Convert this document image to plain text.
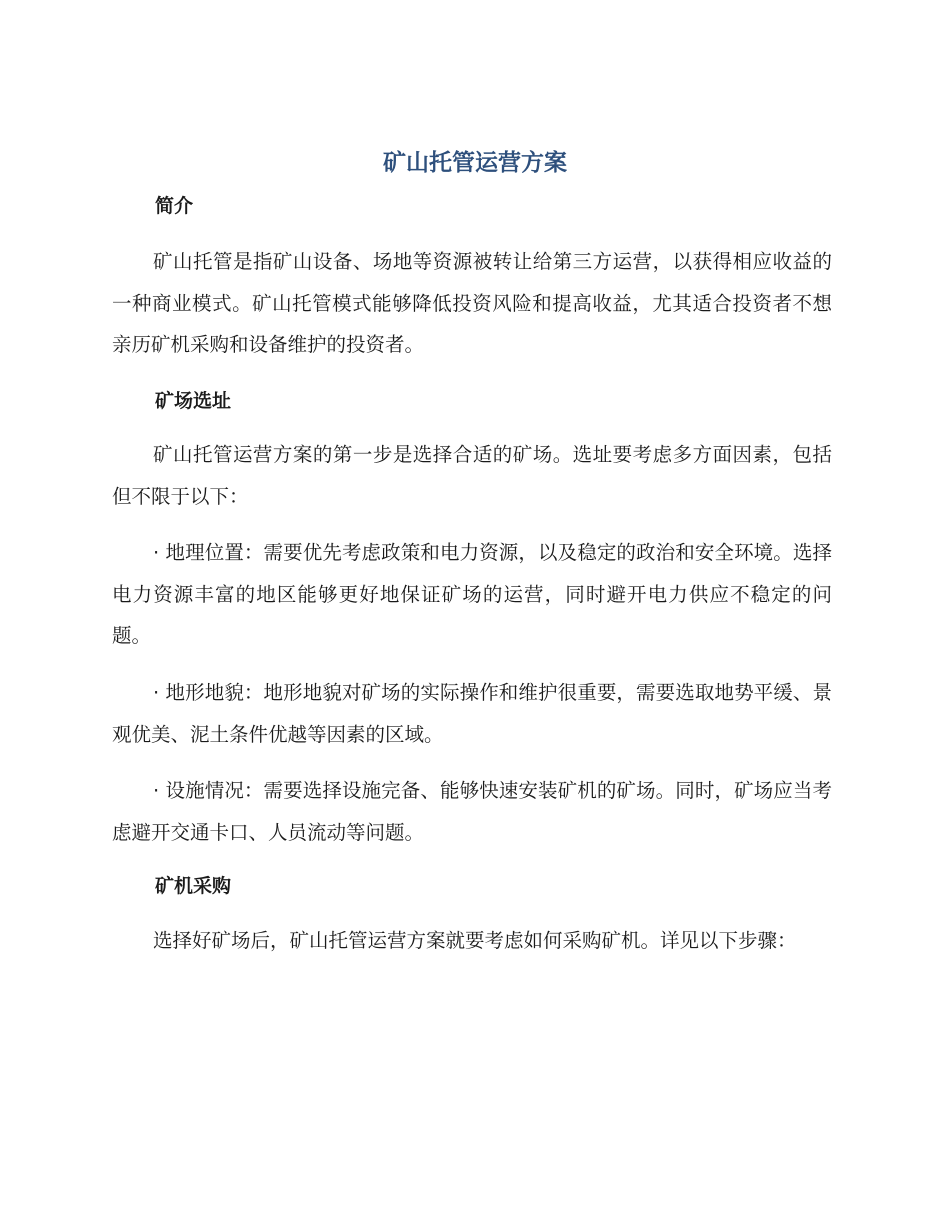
矿山托管运营方案
简介

矿山托管是指矿山设备、场地等资源被转让给第三方运营，以获得相应收益的一种商业模式。矿山托管模式能够降低投资风险和提高收益，尤其适合投资者不想亲历矿机采购和设备维护的投资者。

矿场选址

矿山托管运营方案的第一步是选择合适的矿场。选址要考虑多方面因素，包括但不限于以下：

· 地理位置：需要优先考虑政策和电力资源，以及稳定的政治和安全环境。选择电力资源丰富的地区能够更好地保证矿场的运营，同时避开电力供应不稳定的问题。

· 地形地貌：地形地貌对矿场的实际操作和维护很重要，需要选取地势平缓、景观优美、泥土条件优越等因素的区域。

· 设施情况：需要选择设施完备、能够快速安装矿机的矿场。同时，矿场应当考虑避开交通卡口、人员流动等问题。

矿机采购

选择好矿场后，矿山托管运营方案就要考虑如何采购矿机。详见以下步骤：
